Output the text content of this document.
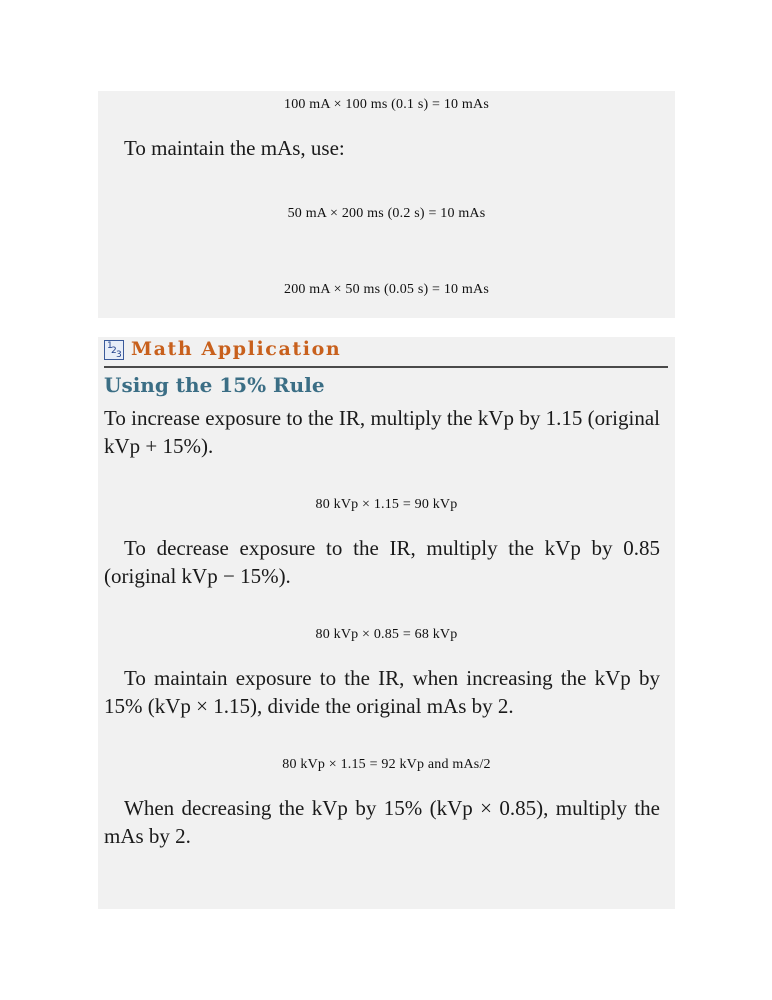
100 mA × 100 ms (0.1 s) = 10 mAs
To maintain the mAs, use:
50 mA × 200 ms (0.2 s) = 10 mAs
200 mA × 50 ms (0.05 s) = 10 mAs
1
2 3 Math Application
Using the 15% Rule
To increase exposure to the IR, multiply the kVp by 1.15 (original kVp + 15%).
80 kVp × 1.15 = 90 kVp
To decrease exposure to the IR, multiply the kVp by 0.85 (original kVp − 15%).
80 kVp × 0.85 = 68 kVp
To maintain exposure to the IR, when increasing the kVp by 15% (kVp × 1.15), divide the original mAs by 2.
80 kVp × 1.15 = 92 kVp and mAs/2
When decreasing the kVp by 15% (kVp × 0.85), multiply the mAs by 2.
